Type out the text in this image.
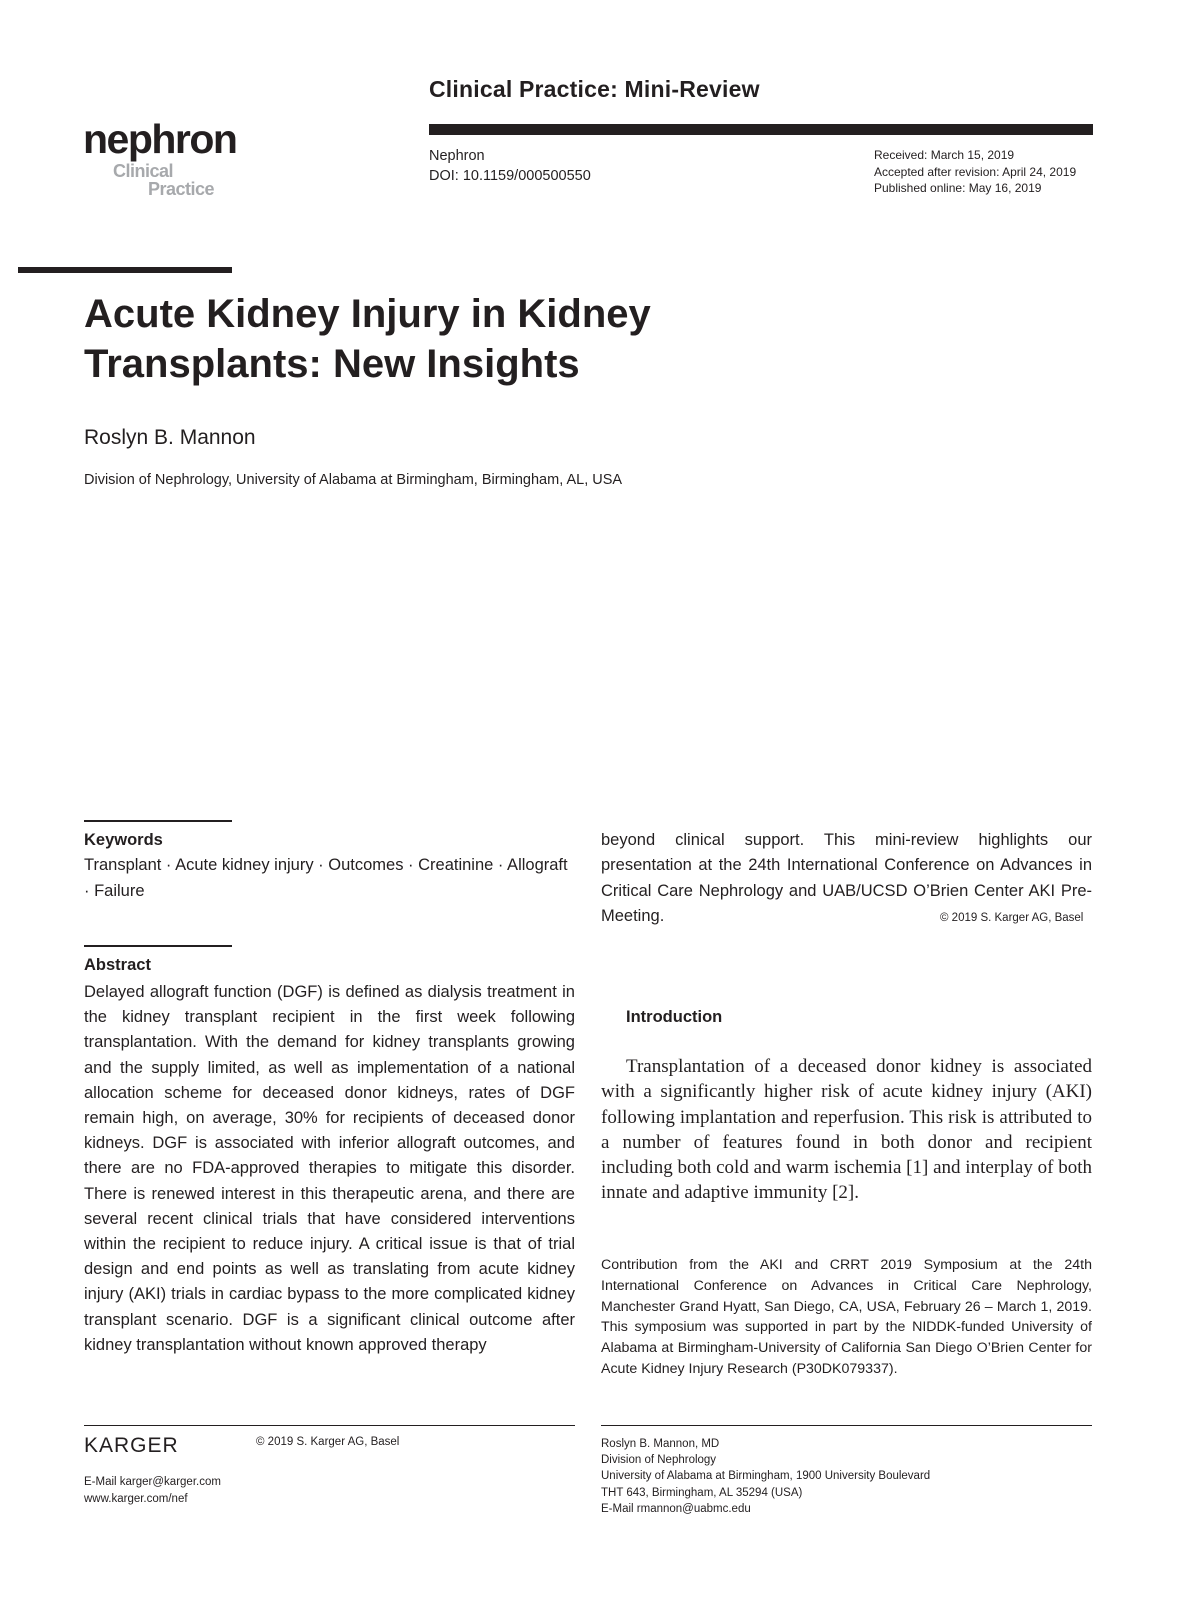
Clinical Practice: Mini-Review
nephron
Clinical
Practice
Nephron
DOI: 10.1159/000500550
Received: March 15, 2019
Accepted after revision: April 24, 2019
Published online: May 16, 2019
Acute Kidney Injury in Kidney Transplants: New Insights
Roslyn B. Mannon
Division of Nephrology, University of Alabama at Birmingham, Birmingham, AL, USA
Keywords
Transplant · Acute kidney injury · Outcomes · Creatinine · Allograft · Failure
Abstract

Delayed allograft function (DGF) is defined as dialysis treatment in the kidney transplant recipient in the first week following transplantation. With the demand for kidney transplants growing and the supply limited, as well as implementation of a national allocation scheme for deceased donor kidneys, rates of DGF remain high, on average, 30% for recipients of deceased donor kidneys. DGF is associated with inferior allograft outcomes, and there are no FDA-approved therapies to mitigate this disorder. There is renewed interest in this therapeutic arena, and there are several recent clinical trials that have considered interventions within the recipient to reduce injury. A critical issue is that of trial design and end points as well as translating from acute kidney injury (AKI) trials in cardiac bypass to the more complicated kidney transplant scenario. DGF is a significant clinical outcome after kidney transplantation without known approved therapy

beyond clinical support. This mini-review highlights our presentation at the 24th International Conference on Advances in Critical Care Nephrology and UAB/UCSD O’Brien Center AKI Pre-Meeting.	© 2019 S. Karger AG, Basel
Introduction

Transplantation of a deceased donor kidney is associated with a significantly higher risk of acute kidney injury (AKI) following implantation and reperfusion. This risk is attributed to a number of features found in both donor and recipient including both cold and warm ischemia [1] and interplay of both innate and adaptive immunity [2].

Contribution from the AKI and CRRT 2019 Symposium at the 24th International Conference on Advances in Critical Care Nephrology, Manchester Grand Hyatt, San Diego, CA, USA, February 26 – March 1, 2019. This symposium was supported in part by the NIDDK-funded University of Alabama at Birmingham-University of California San Diego O’Brien Center for Acute Kidney Injury Research (P30DK079337).

KARGER	© 2019 S. Karger AG, Basel
E-Mail karger@karger.com
www.karger.com/nef
Roslyn B. Mannon, MD
Division of Nephrology
University of Alabama at Birmingham, 1900 University Boulevard
THT 643, Birmingham, AL 35294 (USA)
E-Mail rmannon@uabmc.edu
